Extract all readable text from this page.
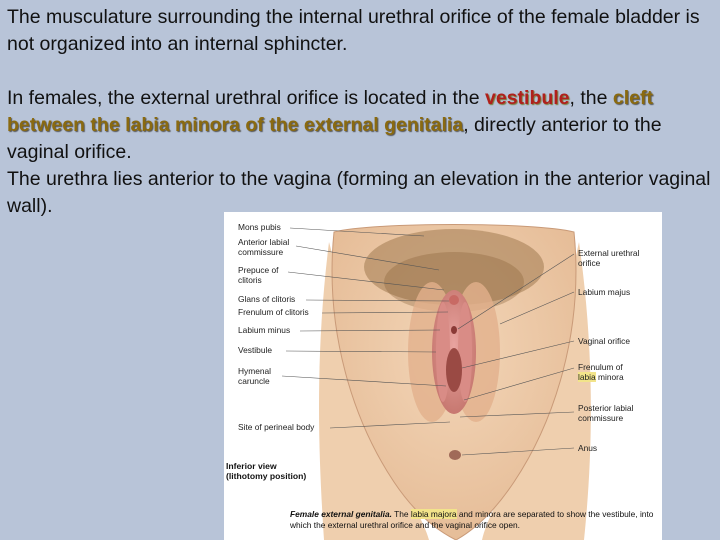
The musculature surrounding the internal urethral orifice of the female bladder is not organized into an internal sphincter.

In females, the external urethral orifice is located in the vestibule, the cleft between the labia minora of the external genitalia, directly anterior to the vaginal orifice.

The urethra lies anterior to the vagina (forming an elevation in the anterior vaginal wall).

Mons pubis
Anterior labial
commissure
Prepuce of
clitoris
Glans of clitoris
Frenulum of clitoris
Labium minus
Vestibule
Hymenal
caruncle
Site of perineal body
External urethral
orifice
Labium majus
Vaginal orifice
Frenulum of
labia minora
Posterior labial
commissure
Anus
Inferior view
(lithotomy position)
Female external genitalia. The labia majora and minora are separated to show the vestibule, into which the external urethral orifice and the vaginal orifice open.
